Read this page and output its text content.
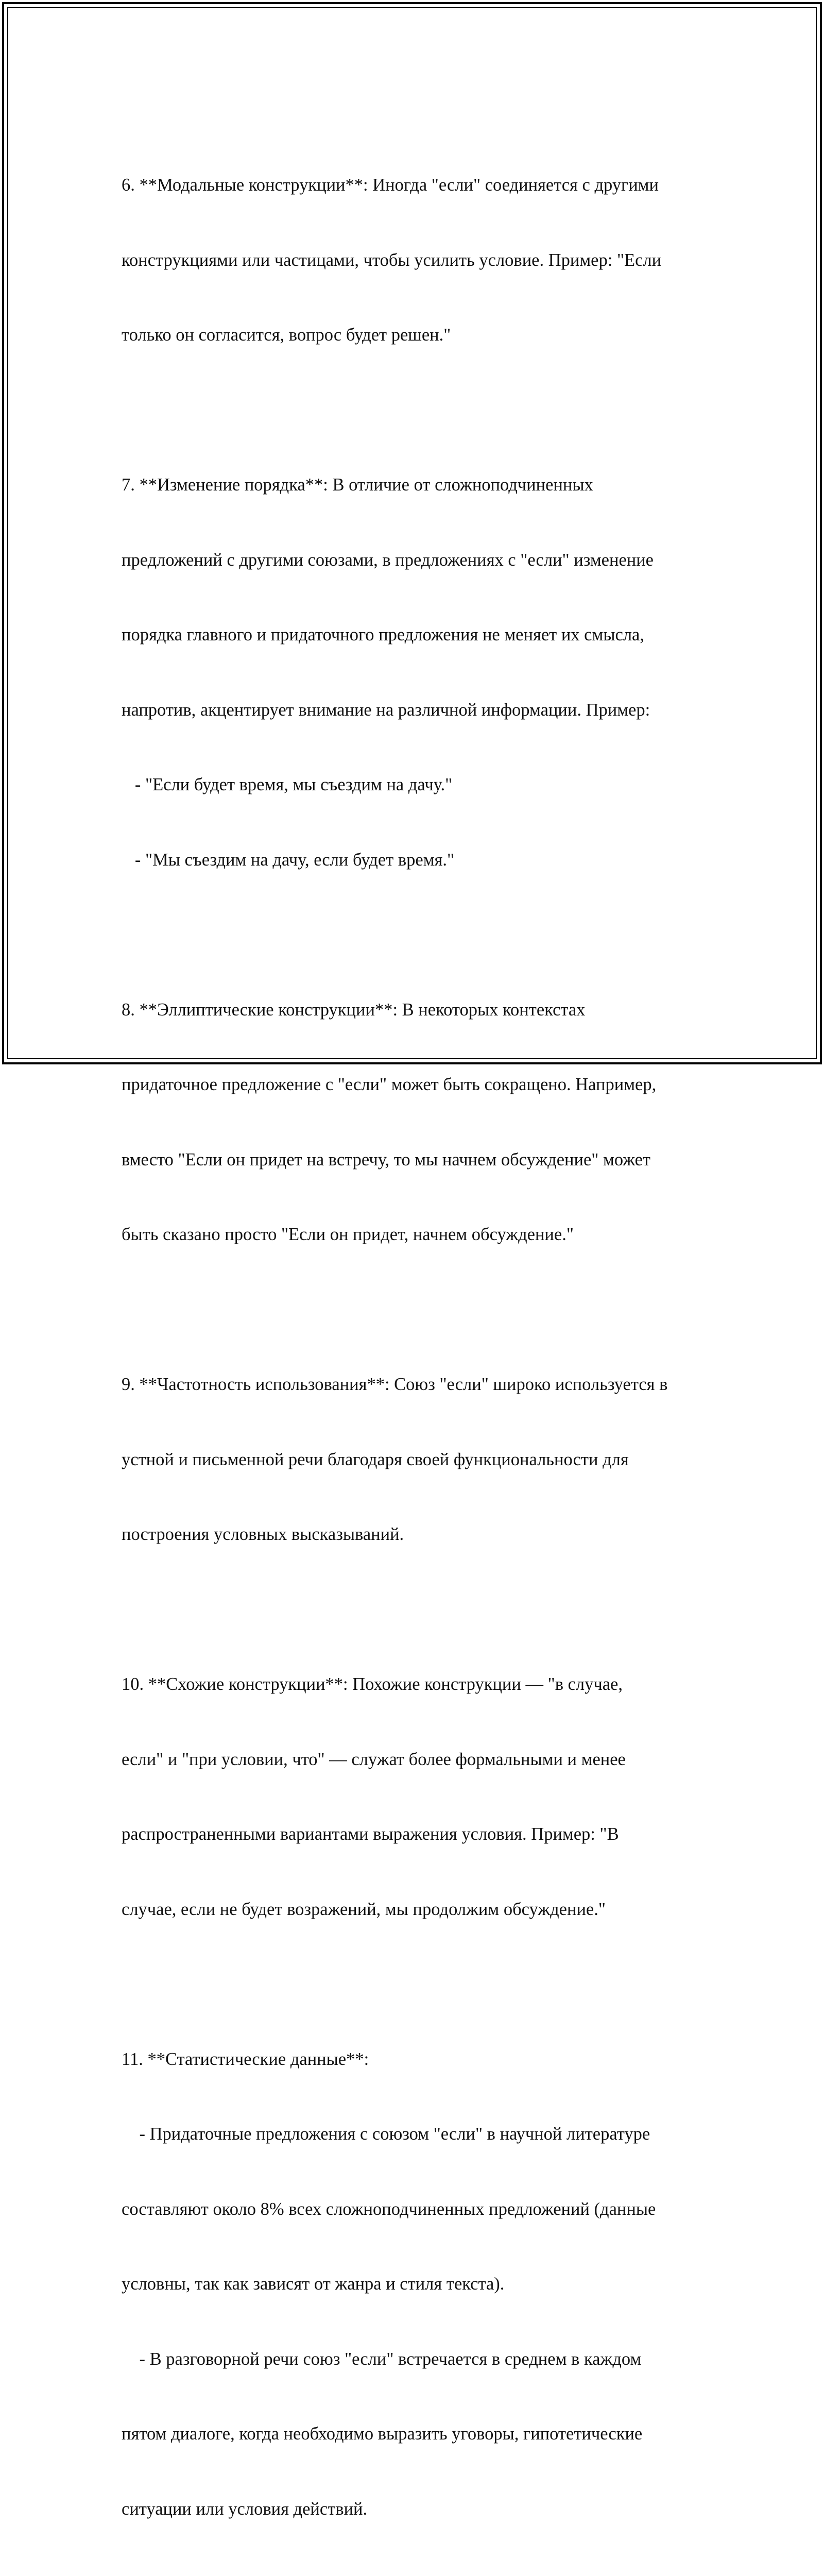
6. **Модальные конструкции**: Иногда "если" соединяется с другими

конструкциями или частицами, чтобы усилить условие. Пример: "Если

только он согласится, вопрос будет решен."

7. **Изменение порядка**: В отличие от сложноподчиненных

предложений с другими союзами, в предложениях с "если" изменение

порядка главного и придаточного предложения не меняет их смысла,

напротив, акцентирует внимание на различной информации. Пример:

- "Если будет время, мы съездим на дачу."

- "Мы съездим на дачу, если будет время."

8. **Эллиптические конструкции**: В некоторых контекстах

придаточное предложение с "если" может быть сокращено. Например,

вместо "Если он придет на встречу, то мы начнем обсуждение" может

быть сказано просто "Если он придет, начнем обсуждение."

9. **Частотность использования**: Союз "если" широко используется в

устной и письменной речи благодаря своей функциональности для

построения условных высказываний.

10. **Схожие конструкции**: Похожие конструкции — "в случае,

если" и "при условии, что" — служат более формальными и менее

распространенными вариантами выражения условия. Пример: "В

случае, если не будет возражений, мы продолжим обсуждение."

11. **Статистические данные**:

- Придаточные предложения с союзом "если" в научной литературе

составляют около 8% всех сложноподчиненных предложений (данные

условны, так как зависят от жанра и стиля текста).

- В разговорной речи союз "если" встречается в среднем в каждом

пятом диалоге, когда необходимо выразить уговоры, гипотетические

ситуации или условия действий.
